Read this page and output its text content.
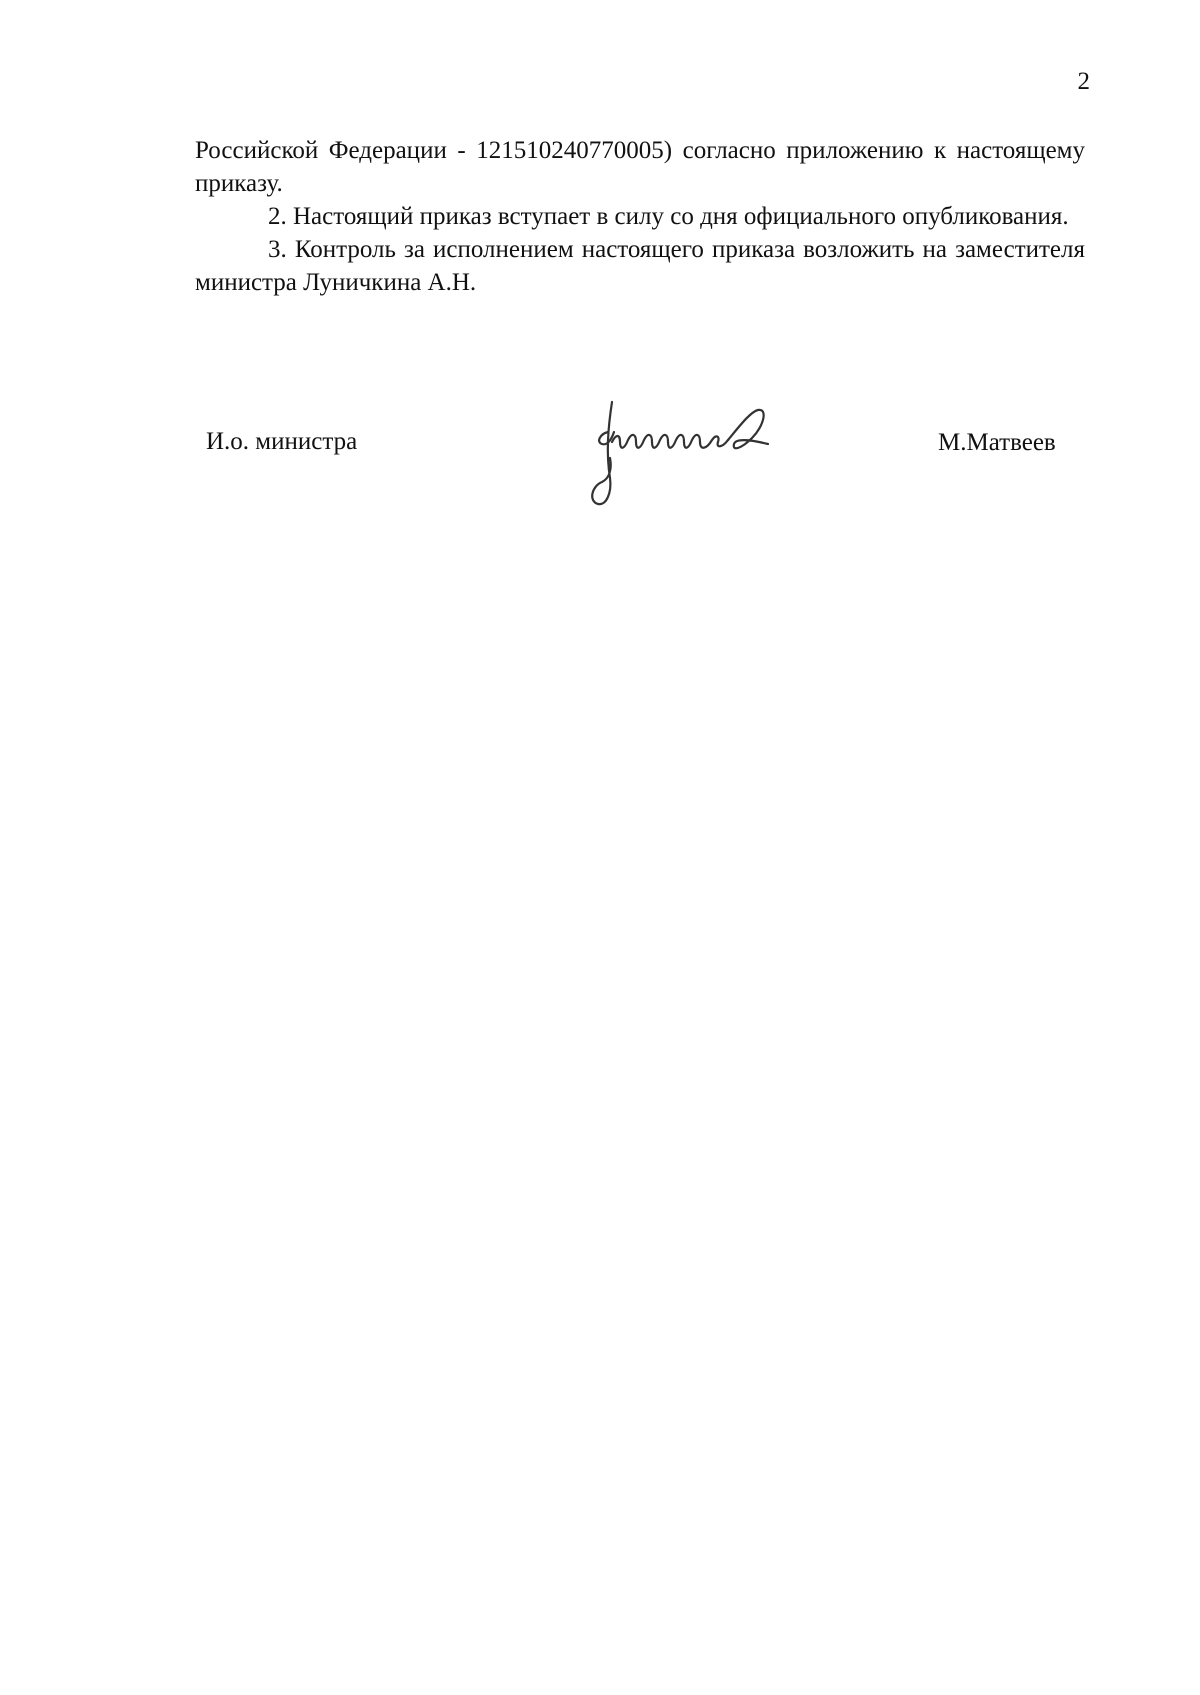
2

Российской Федерации - 121510240770005) согласно приложению к настоящему приказу.

2. Настоящий приказ вступает в силу со дня официального опубликования.

3. Контроль за исполнением настоящего приказа возложить на заместителя министра Луничкина А.Н.

И.о. министра	М.Матвеев
